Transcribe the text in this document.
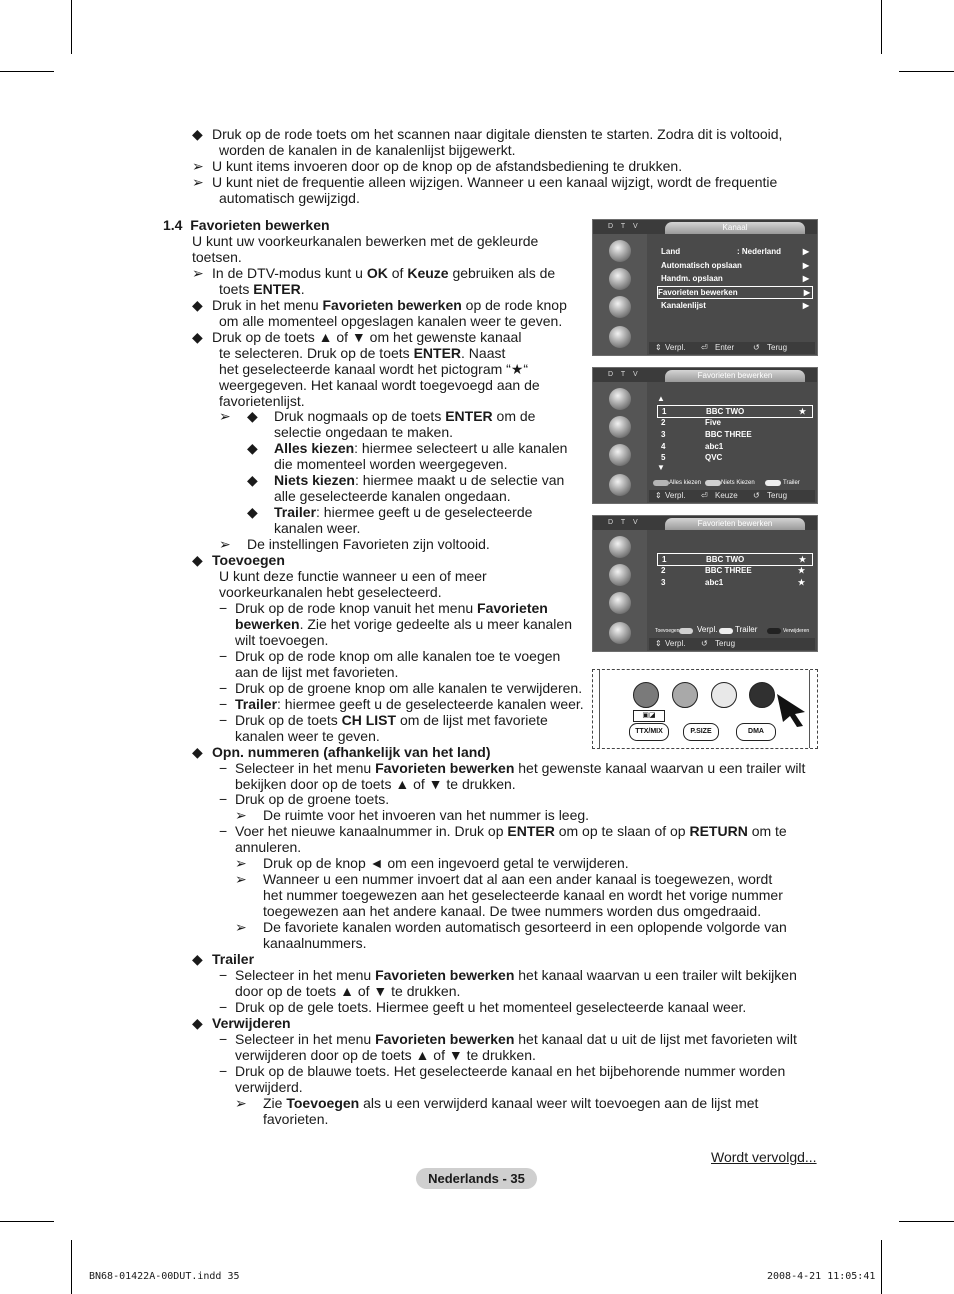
◆ Druk op de rode toets om het scannen naar digitale diensten te starten. Zodra dit is voltooid,
worden de kanalen in de kanalenlijst bijgewerkt.
➢ U kunt items invoeren door op de knop op de afstandsbediening te drukken.
➢ U kunt niet de frequentie alleen wijzigen. Wanneer u een kanaal wijzigt, wordt de frequentie
automatisch gewijzigd.
1.4 Favorieten bewerken
U kunt uw voorkeurkanalen bewerken met de gekleurde
toetsen.
➢ In de DTV-modus kunt u OK of Keuze gebruiken als de
toets ENTER.
◆ Druk in het menu Favorieten bewerken op de rode knop
om alle momenteel opgeslagen kanalen weer te geven.
◆ Druk op de toets ▲ of ▼ om het gewenste kanaal
te selecteren. Druk op de toets ENTER. Naast
het geselecteerde kanaal wordt het pictogram “★“
weergegeven. Het kanaal wordt toegevoegd aan de
favorietenlijst.
➢ ◆ Druk nogmaals op de toets ENTER om de
selectie ongedaan te maken.
◆ Alles kiezen: hiermee selecteert u alle kanalen
die momenteel worden weergegeven.
◆ Niets kiezen: hiermee maakt u de selectie van
alle geselecteerde kanalen ongedaan.
◆ Trailer: hiermee geeft u de geselecteerde
kanalen weer.
➢ De instellingen Favorieten zijn voltooid.
◆ Toevoegen
U kunt deze functie wanneer u een of meer
voorkeurkanalen hebt geselecteerd.
− Druk op de rode knop vanuit het menu Favorieten
bewerken. Zie het vorige gedeelte als u meer kanalen
wilt toevoegen.
− Druk op de rode knop om alle kanalen toe te voegen
aan de lijst met favorieten.
− Druk op de groene knop om alle kanalen te verwijderen.
− Trailer: hiermee geeft u de geselecteerde kanalen weer.
− Druk op de toets CH LIST om de lijst met favoriete
kanalen weer te geven.
◆ Opn. nummeren (afhankelijk van het land)
− Selecteer in het menu Favorieten bewerken het gewenste kanaal waarvan u een trailer wilt
bekijken door op de toets ▲ of ▼ te drukken.
− Druk op de groene toets.
➢ De ruimte voor het invoeren van het nummer is leeg.
− Voer het nieuwe kanaalnummer in. Druk op ENTER om op te slaan of op RETURN om te
annuleren.
➢ Druk op de knop ◄ om een ingevoerd getal te verwijderen.
➢ Wanneer u een nummer invoert dat al aan een ander kanaal is toegewezen, wordt
het nummer toegewezen aan het geselecteerde kanaal en wordt het vorige nummer
toegewezen aan het andere kanaal. De twee nummers worden dus omgedraaid.
➢ De favoriete kanalen worden automatisch gesorteerd in een oplopende volgorde van
kanaalnummers.
◆ Trailer
− Selecteer in het menu Favorieten bewerken het kanaal waarvan u een trailer wilt bekijken
door op de toets ▲ of ▼ te drukken.
− Druk op de gele toets. Hiermee geeft u het momenteel geselecteerde kanaal weer.
◆ Verwijderen
− Selecteer in het menu Favorieten bewerken het kanaal dat u uit de lijst met favorieten wilt
verwijderen door op de toets ▲ of ▼ te drukken.
− Druk op de blauwe toets. Het geselecteerde kanaal en het bijbehorende nummer worden
verwijderd.
➢ Zie Toevoegen als u een verwijderd kanaal weer wilt toevoegen aan de lijst met
favorieten.
Wordt vervolgd...
Nederlands - 35
BN68-01422A-00DUT.indd 35	2008-4-21 11:05:41
D T V	Kanaal
Land	: Nederland	▶
Automatisch opslaan	▶
Handm. opslaan	▶
Favorieten bewerken	▶
Kanalenlijst	▶
⇕ Verpl. ⏎ Enter ↺ Terug
D T V	Favorieten bewerken
▲
1	BBC TWO	★
2	Five
3	BBC THREE
4	abc1
5	QVC
▼
Alles kiezen	Niets Kiezen	Trailer
⇕ Verpl. ⏎ Keuze ↺ Terug
D T V	Favorieten bewerken
1	BBC TWO	★
2	BBC THREE	★
3	abc1	★
Toevoegen Verpl. Trailer	Verwijderen
⇕ Verpl. ↺ Terug
▣◪
TTX/MIX	P.SIZE	DMA
